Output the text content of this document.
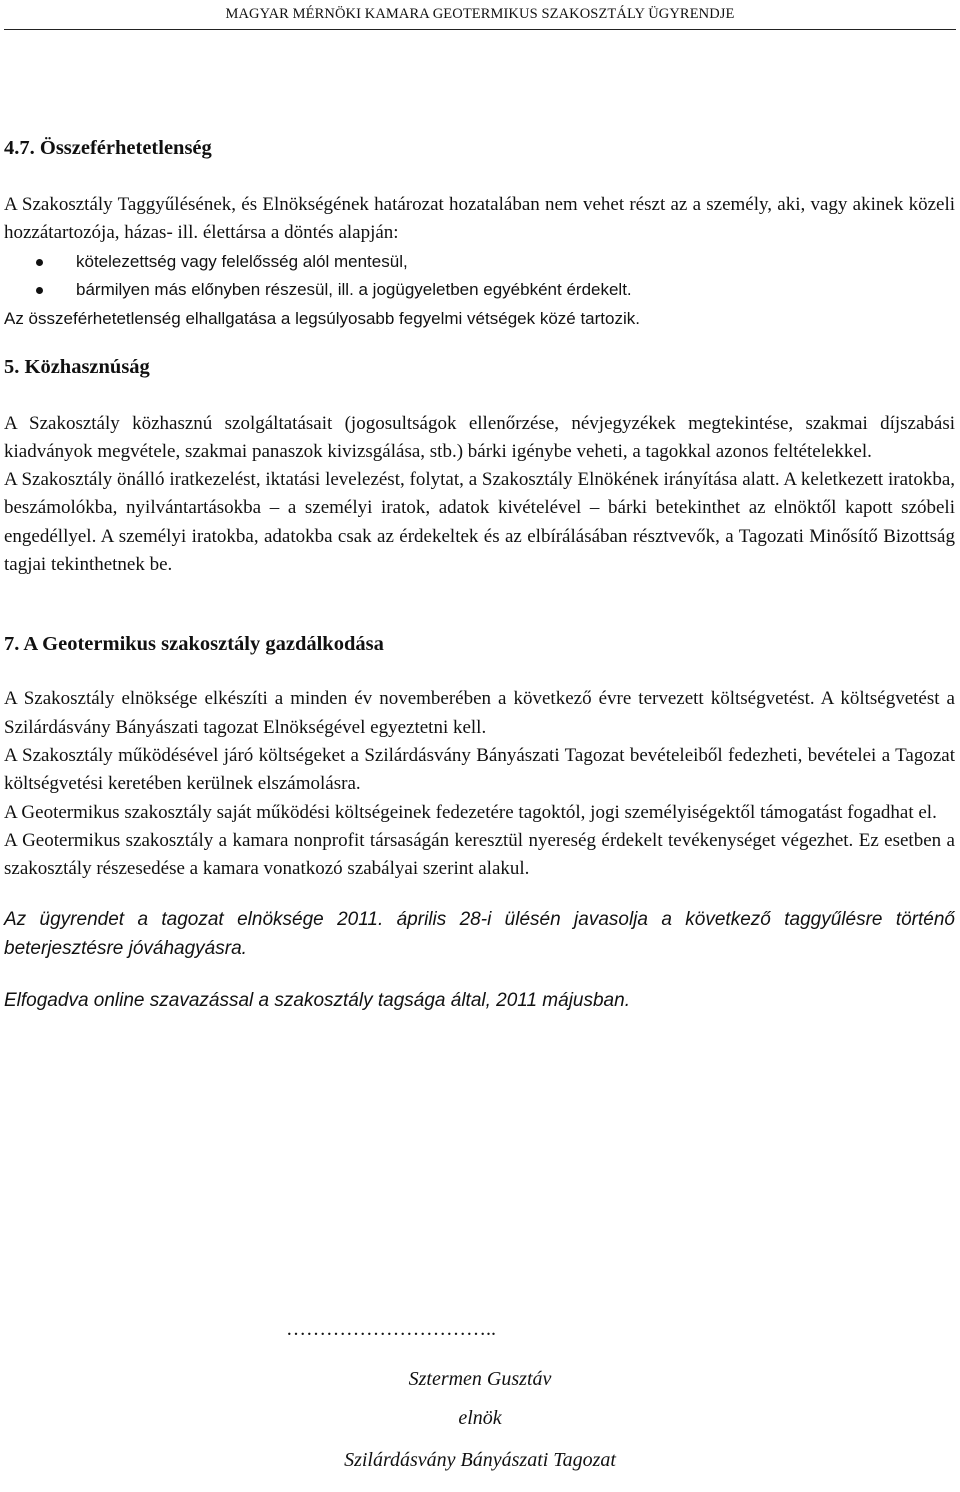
MAGYAR MÉRNÖKI KAMARA GEOTERMIKUS SZAKOSZTÁLY ÜGYRENDJE
4.7. Összeférhetetlenség

A Szakosztály Taggyűlésének, és Elnökségének határozat hozatalában nem vehet részt az a személy, aki, vagy akinek közeli hozzátartozója, házas- ill. élettársa a döntés alapján:

kötelezettség vagy felelősség alól mentesül,
bármilyen más előnyben részesül, ill. a jogügyeletben egyébként érdekelt.

Az összeférhetetlenség elhallgatása a legsúlyosabb fegyelmi vétségek közé tartozik.

5. Közhasznúság

A Szakosztály közhasznú szolgáltatásait (jogosultságok ellenőrzése, névjegyzékek megtekintése, szakmai díjszabási kiadványok megvétele, szakmai panaszok kivizsgálása, stb.) bárki igénybe veheti, a tagokkal azonos feltételekkel.

A Szakosztály önálló iratkezelést, iktatási levelezést, folytat, a Szakosztály Elnökének irányítása alatt. A keletkezett iratokba, beszámolókba, nyilvántartásokba – a személyi iratok, adatok kivételével – bárki betekinthet az elnöktől kapott szóbeli engedéllyel. A személyi iratokba, adatokba csak az érdekeltek és az elbírálásában résztvevők, a Tagozati Minősítő Bizottság tagjai tekinthetnek be.

7. A Geotermikus szakosztály gazdálkodása

A Szakosztály elnöksége elkészíti a minden év novemberében a következő évre tervezett költségvetést. A költségvetést a Szilárdásvány Bányászati tagozat Elnökségével egyeztetni kell.

A Szakosztály működésével járó költségeket a Szilárdásvány Bányászati Tagozat bevételeiből fedezheti, bevételei a Tagozat költségvetési keretében kerülnek elszámolásra.

A Geotermikus szakosztály saját működési költségeinek fedezetére tagoktól, jogi személyiségektől támogatást fogadhat el.

A Geotermikus szakosztály a kamara nonprofit társaságán keresztül nyereség érdekelt tevékenységet végezhet. Ez esetben a szakosztály részesedése a kamara vonatkozó szabályai szerint alakul.

Az ügyrendet a tagozat elnöksége 2011. április 28-i ülésén javasolja a következő taggyűlésre történő beterjesztésre jóváhagyásra.

Elfogadva online szavazással a szakosztály tagsága által, 2011 májusban.

…………………………..
Sztermen Gusztáv
elnök
Szilárdásvány Bányászati Tagozat
